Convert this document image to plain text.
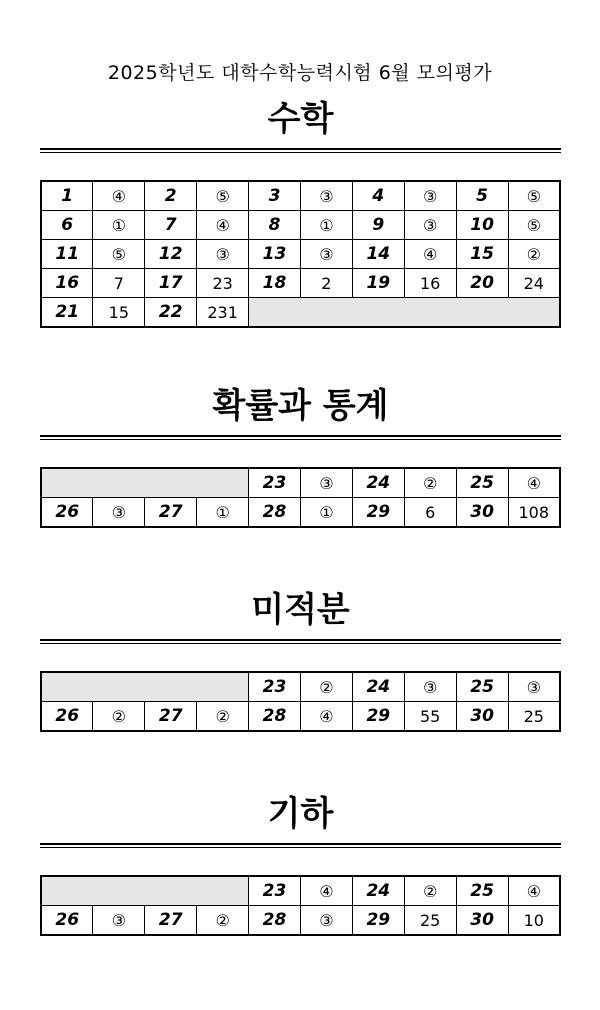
2025학년도 대학수학능력시험 6월 모의평가
수학
1	④	2	⑤	3	③	4	③	5	⑤
6	①	7	④	8	①	9	③	10	⑤
11	⑤	12	③	13	③	14	④	15	②
16	7	17	23	18	2	19	16	20	24
21	15	22	231						
확률과 통계
				23	③	24	②	25	④
26	③	27	①	28	①	29	6	30	108
미적분
				23	②	24	③	25	③
26	②	27	②	28	④	29	55	30	25
기하
				23	④	24	②	25	④
26	③	27	②	28	③	29	25	30	10
